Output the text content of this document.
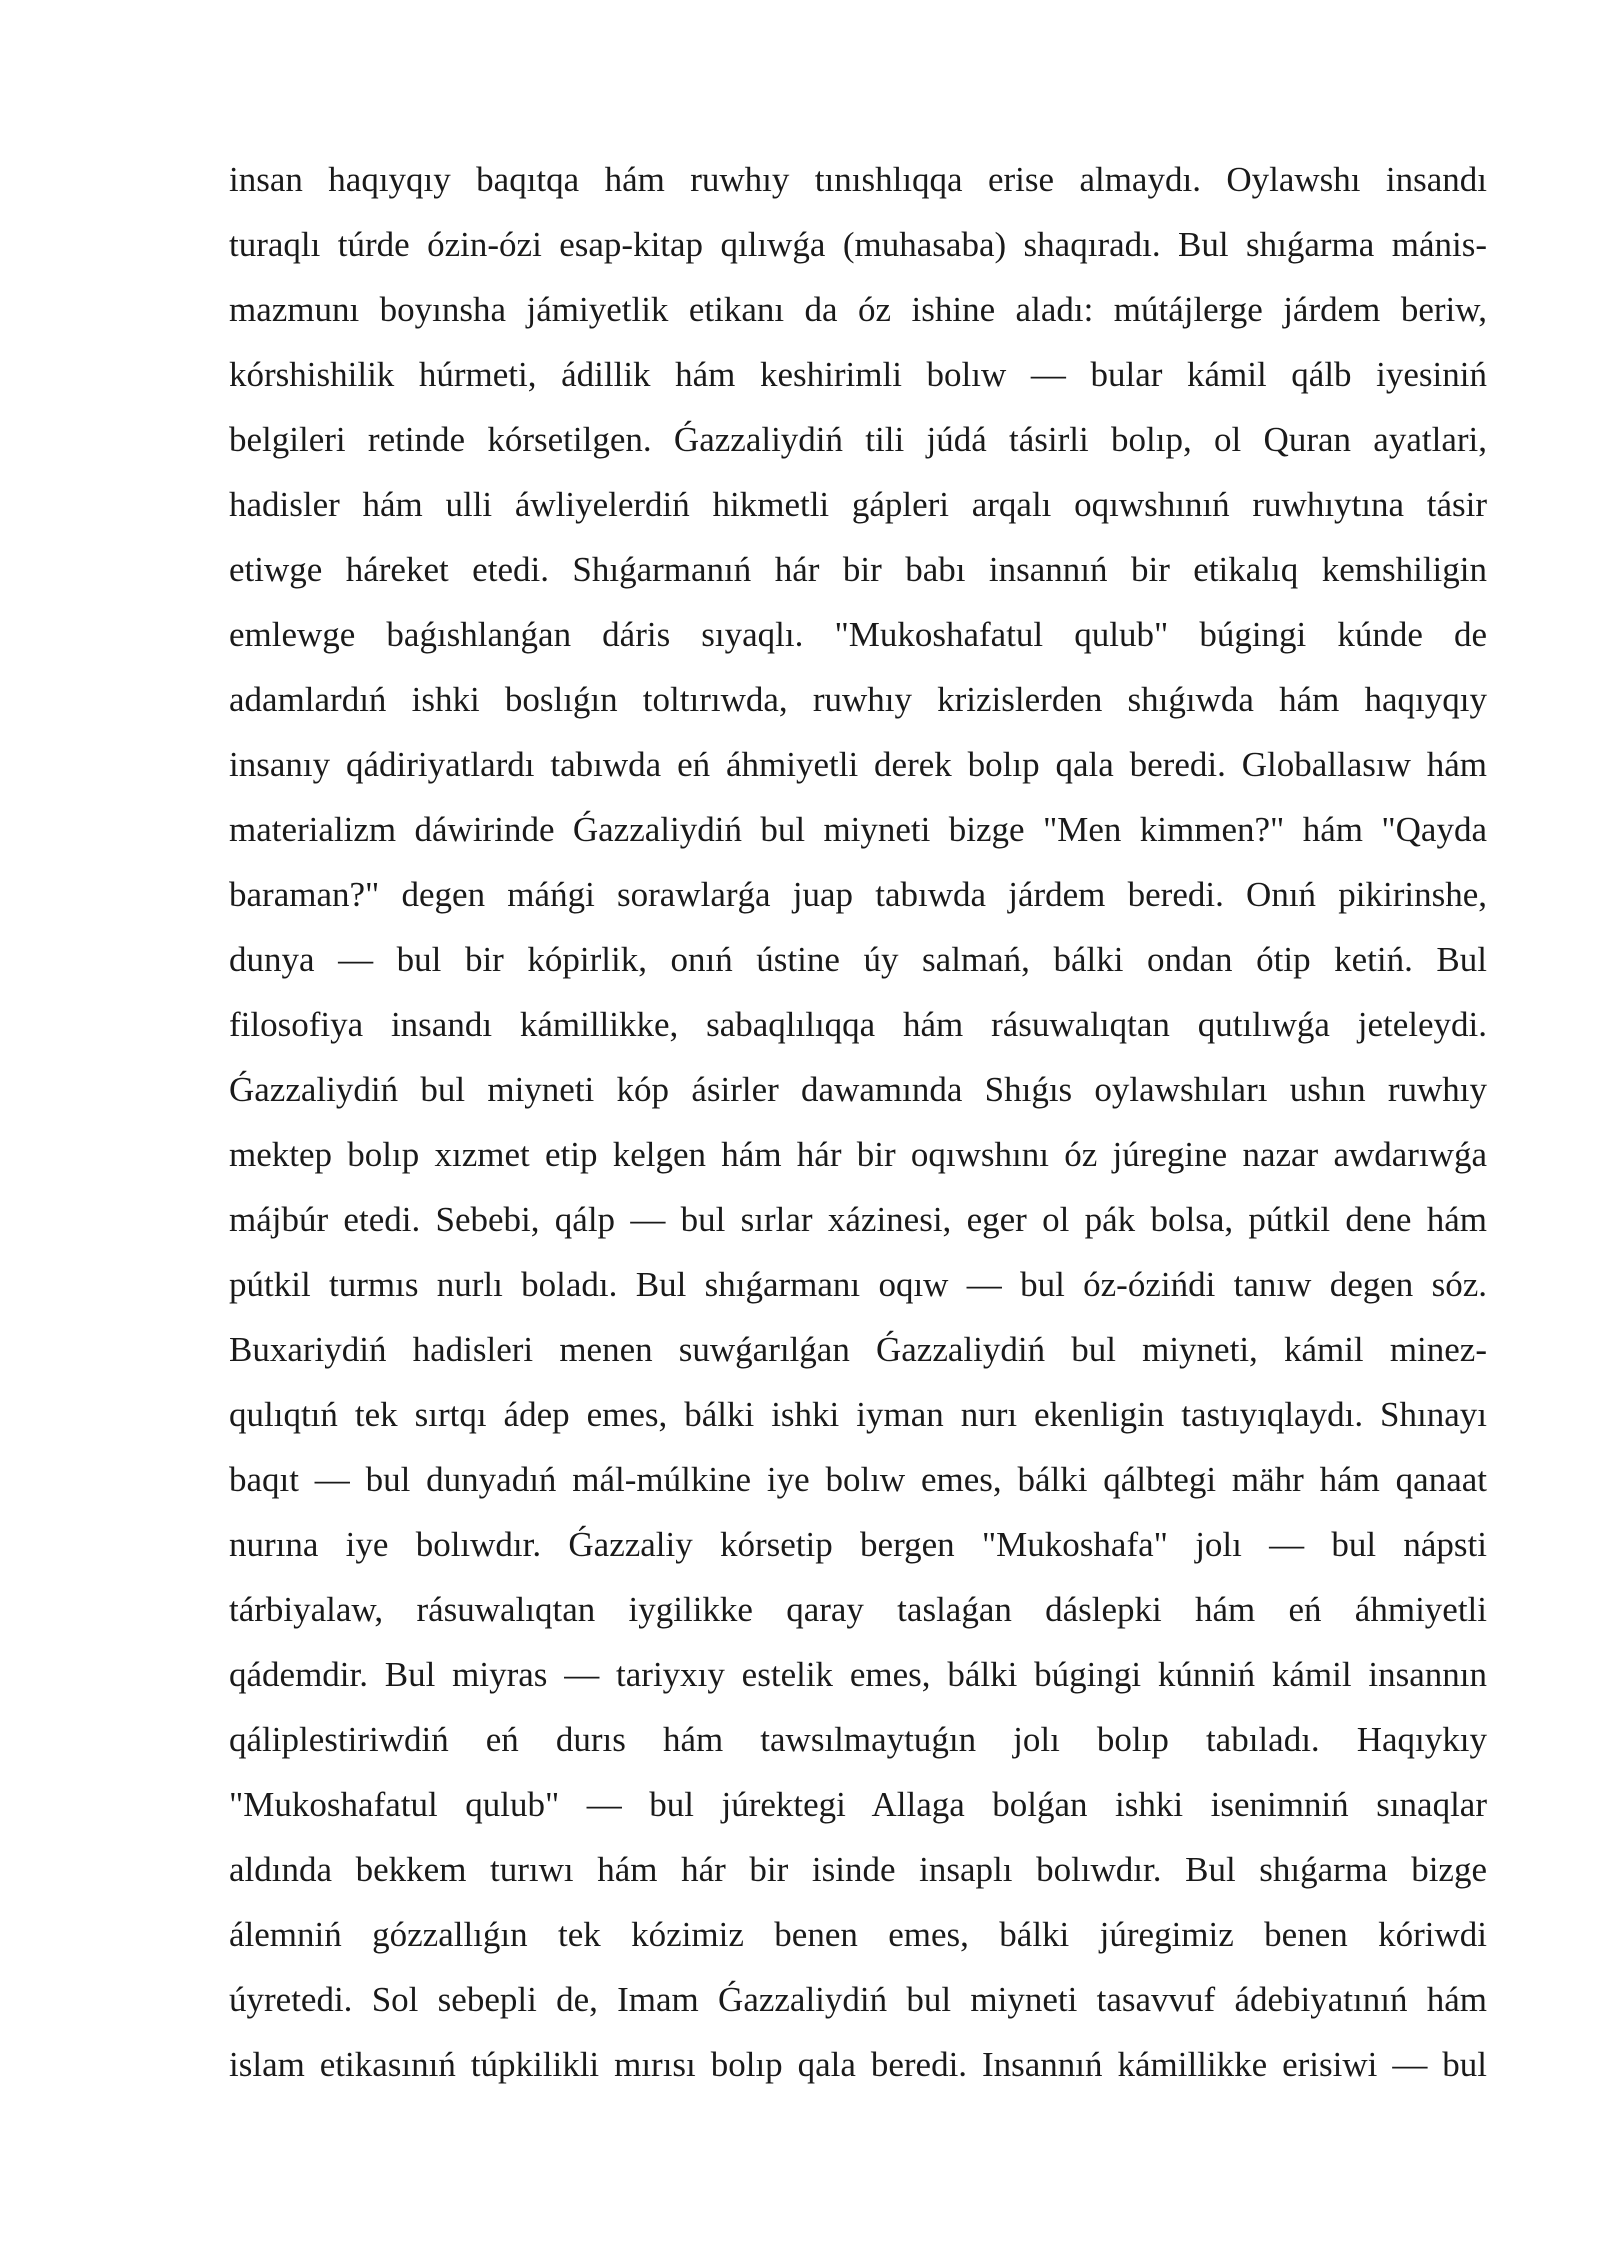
insan haqıyqıy baqıtqa hám ruwhıy tınıshlıqqa erise almaydı. Oylawshı insandı
turaqlı túrde ózin-ózi esap-kitap qılıwǵa (muhasaba) shaqıradı. Bul shıǵarma mánis-
mazmunı boyınsha jámiyetlik etikanı da óz ishine aladı: mútájlerge járdem beriw,
kórshishilik húrmeti, ádillik hám keshirimli bolıw — bular kámil qálb iyesiniń
belgileri retinde kórsetilgen. Ǵazzaliydiń tili júdá tásirli bolıp, ol Quran ayatlari,
hadisler hám ulli áwliyelerdiń hikmetli gápleri arqalı oqıwshınıń ruwhıytına tásir
etiwge háreket etedi. Shıǵarmanıń hár bir babı insannıń bir etikalıq kemshiligin
emlewge baǵıshlanǵan dáris sıyaqlı. "Mukoshafatul qulub" búgingi kúnde de
adamlardıń ishki boslıǵın toltırıwda, ruwhıy krizislerden shıǵıwda hám haqıyqıy
insanıy qádiriyatlardı tabıwda eń áhmiyetli derek bolıp qala beredi. Globallasıw hám
materializm dáwirinde Ǵazzaliydiń bul miyneti bizge "Men kimmen?" hám "Qayda
baraman?" degen máńgi sorawlarǵa juap tabıwda járdem beredi. Onıń pikirinshe,
dunya — bul bir kópirlik, onıń ústine úy salmań, bálki ondan ótip ketiń. Bul
filosofiya insandı kámillikke, sabaqlılıqqa hám rásuwalıqtan qutılıwǵa jeteleydi.
Ǵazzaliydiń bul miyneti kóp ásirler dawamında Shıǵıs oylawshıları ushın ruwhıy
mektep bolıp xızmet etip kelgen hám hár bir oqıwshını óz júregine nazar awdarıwǵa
májbúr etedi. Sebebi, qálp — bul sırlar xázinesi, eger ol pák bolsa, pútkil dene hám
pútkil turmıs nurlı boladı. Bul shıǵarmanı oqıw — bul óz-ózińdi tanıw degen sóz.
Buxariydiń hadisleri menen suwǵarılǵan Ǵazzaliydiń bul miyneti, kámil minez-
qulıqtıń tek sırtqı ádep emes, bálki ishki iyman nurı ekenligin tastıyıqlaydı. Shınayı
baqıt — bul dunyadıń mál-múlkine iye bolıw emes, bálki qálbtegi mähr hám qanaat
nurına iye bolıwdır. Ǵazzaliy kórsetip bergen "Mukoshafa" jolı — bul nápsti
tárbiyalaw, rásuwalıqtan iygilikke qaray taslaǵan dáslepki hám eń áhmiyetli
qádemdir. Bul miyras — tariyxıy estelik emes, bálki búgingi kúnniń kámil insannın
qáliplestiriwdiń eń durıs hám tawsılmaytuǵın jolı bolıp tabıladı. Haqıykıy
"Mukoshafatul qulub" — bul júrektegi Allaga bolǵan ishki isenimniń sınaqlar
aldında bekkem turıwı hám hár bir isinde insaplı bolıwdır. Bul shıǵarma bizge
álemniń gózzallıǵın tek kózimiz benen emes, bálki júregimiz benen kóriwdi
úyretedi. Sol sebepli de, Imam Ǵazzaliydiń bul miyneti tasavvuf ádebiyatınıń hám
islam etikasınıń túpkilikli mırısı bolıp qala beredi. Insannıń kámillikke erisiwi — bul
